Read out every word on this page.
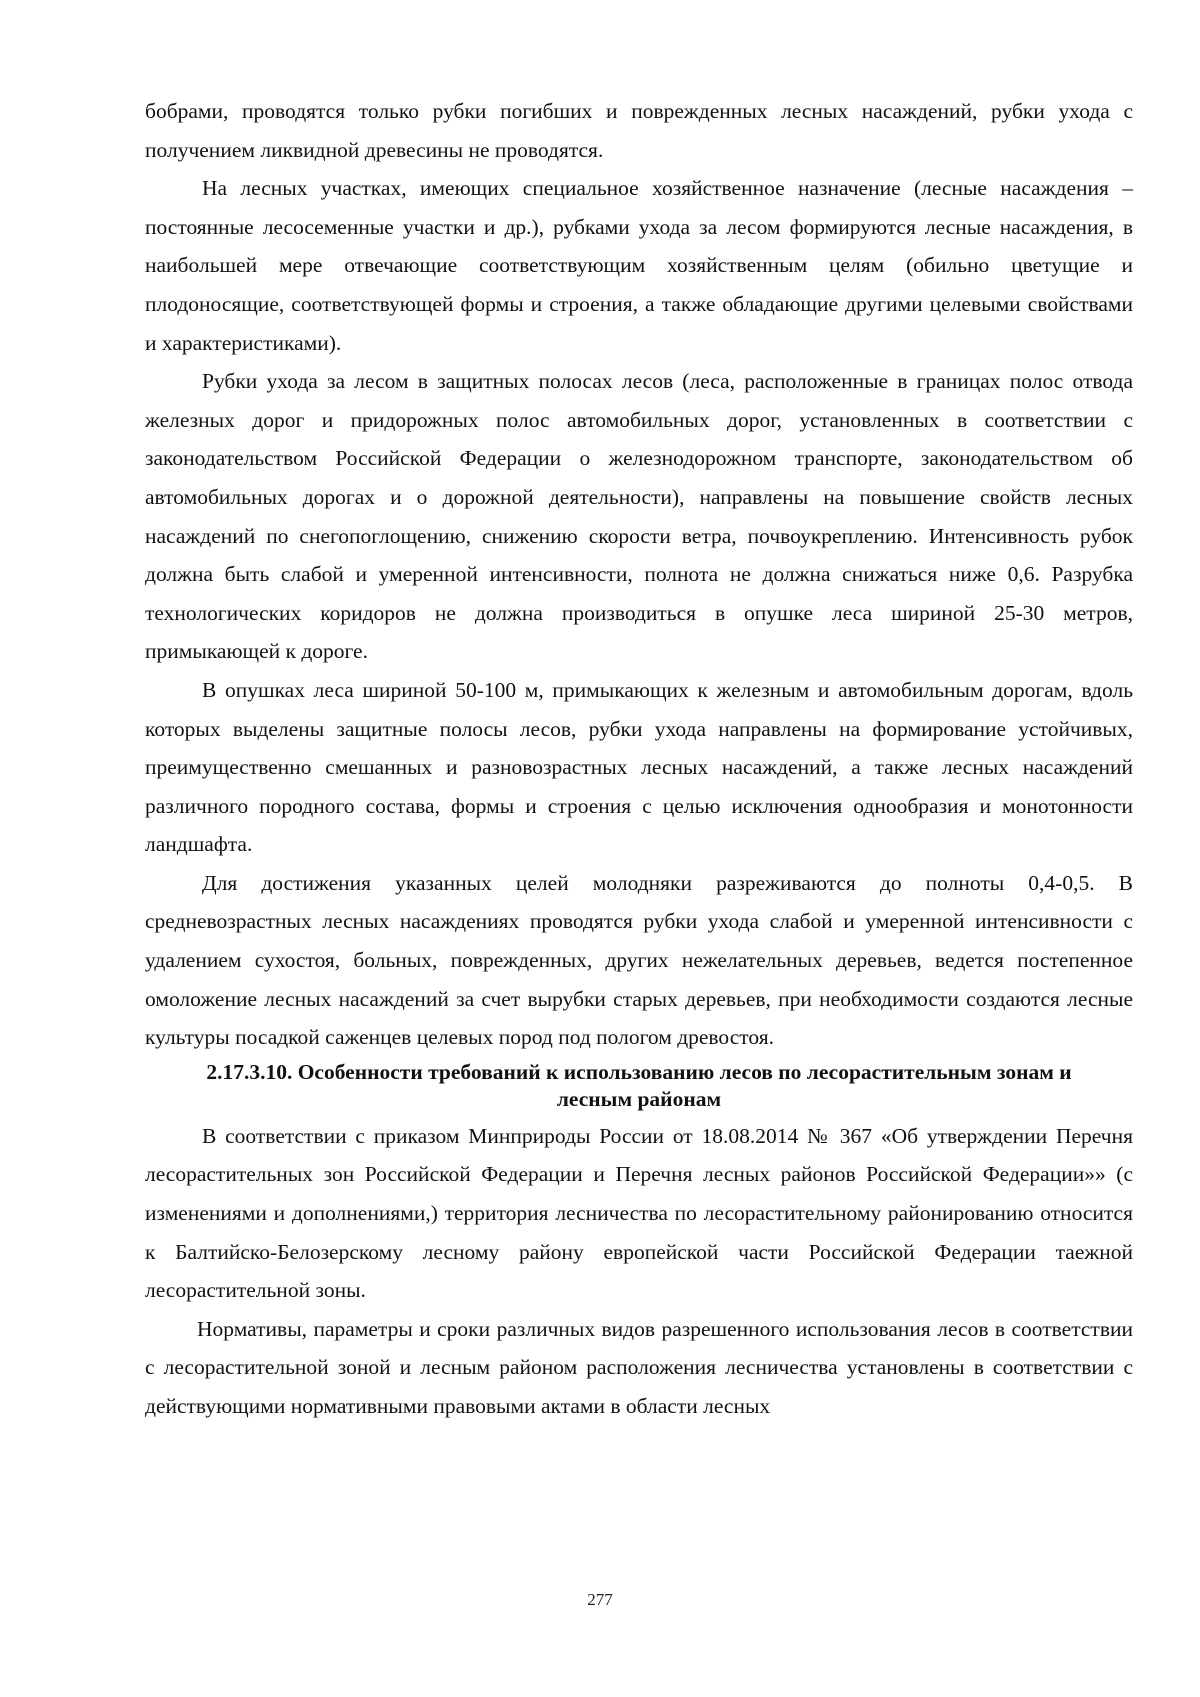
бобрами, проводятся только рубки погибших и поврежденных лесных насаждений, рубки ухода с получением ликвидной древесины не проводятся.

На лесных участках, имеющих специальное хозяйственное назначение (лесные насаждения – постоянные лесосеменные участки и др.), рубками ухода за лесом формируются лесные насаждения, в наибольшей мере отвечающие соответствующим хозяйственным целям (обильно цветущие и плодоносящие, соответствующей формы и строения, а также обладающие другими целевыми свойствами и характеристиками).

Рубки ухода за лесом в защитных полосах лесов (леса, расположенные в границах полос отвода железных дорог и придорожных полос автомобильных дорог, установленных в соответствии с законодательством Российской Федерации о железнодорожном транспорте, законодательством об автомобильных дорогах и о дорожной деятельности), направлены на повышение свойств лесных насаждений по снегопоглощению, снижению скорости ветра, почвоукреплению. Интенсивность рубок должна быть слабой и умеренной интенсивности, полнота не должна снижаться ниже 0,6. Разрубка технологических коридоров не должна производиться в опушке леса шириной 25-30 метров, примыкающей к дороге.

В опушках леса шириной 50-100 м, примыкающих к железным и автомобильным дорогам, вдоль которых выделены защитные полосы лесов, рубки ухода направлены на формирование устойчивых, преимущественно смешанных и разновозрастных лесных насаждений, а также лесных насаждений различного породного состава, формы и строения с целью исключения однообразия и монотонности ландшафта.

Для достижения указанных целей молодняки разреживаются до полноты 0,4-0,5. В средневозрастных лесных насаждениях проводятся рубки ухода слабой и умеренной интенсивности с удалением сухостоя, больных, поврежденных, других нежелательных деревьев, ведется постепенное омоложение лесных насаждений за счет вырубки старых деревьев, при необходимости создаются лесные культуры посадкой саженцев целевых пород под пологом древостоя.

2.17.3.10. Особенности требований к использованию лесов по лесорастительным зонам и
лесным районам

В соответствии с приказом Минприроды России от 18.08.2014 № 367 «Об утверждении Перечня лесорастительных зон Российской Федерации и Перечня лесных районов Российской Федерации»» (с изменениями и дополнениями,) территория лесничества по лесорастительному районированию относится к Балтийско-Белозерскому лесному району европейской части Российской Федерации таежной лесорастительной зоны.

Нормативы, параметры и сроки различных видов разрешенного использования лесов в соответствии с лесорастительной зоной и лесным районом расположения лесничества установлены в соответствии с действующими нормативными правовыми актами в области лесных

277
